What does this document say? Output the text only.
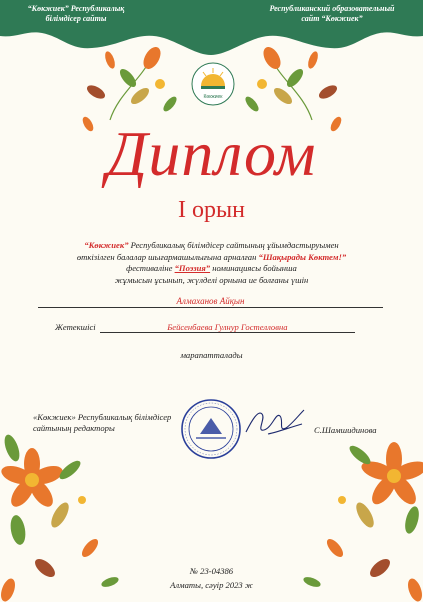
“Көкжиек” Республикалық
білімдісер сайты
Республиканский образовательный
сайт “Көкжиек”
Көкжиек
Диплом
I орын
“Көкжиек” Республикалық білімдісер сайтының ұйымдастыруымен
өткізілген балалар шығармашылығына арналған “Шақырады Көктем!”
фестиваліне “Поэзия” номинациясы бойынша
жұмысын ұсынып, жүлделі орнына ие болғаны үшін
Алмаханов Айқын
Жетекшісі	Бейсенбаева Гулнур Гостелловна
марапатталады
«Көкжиек» Республикалық білімдісер
сайтының редакторы	С.Шамшидинова
№ 23-04386
Алматы, сәуір 2023 ж
